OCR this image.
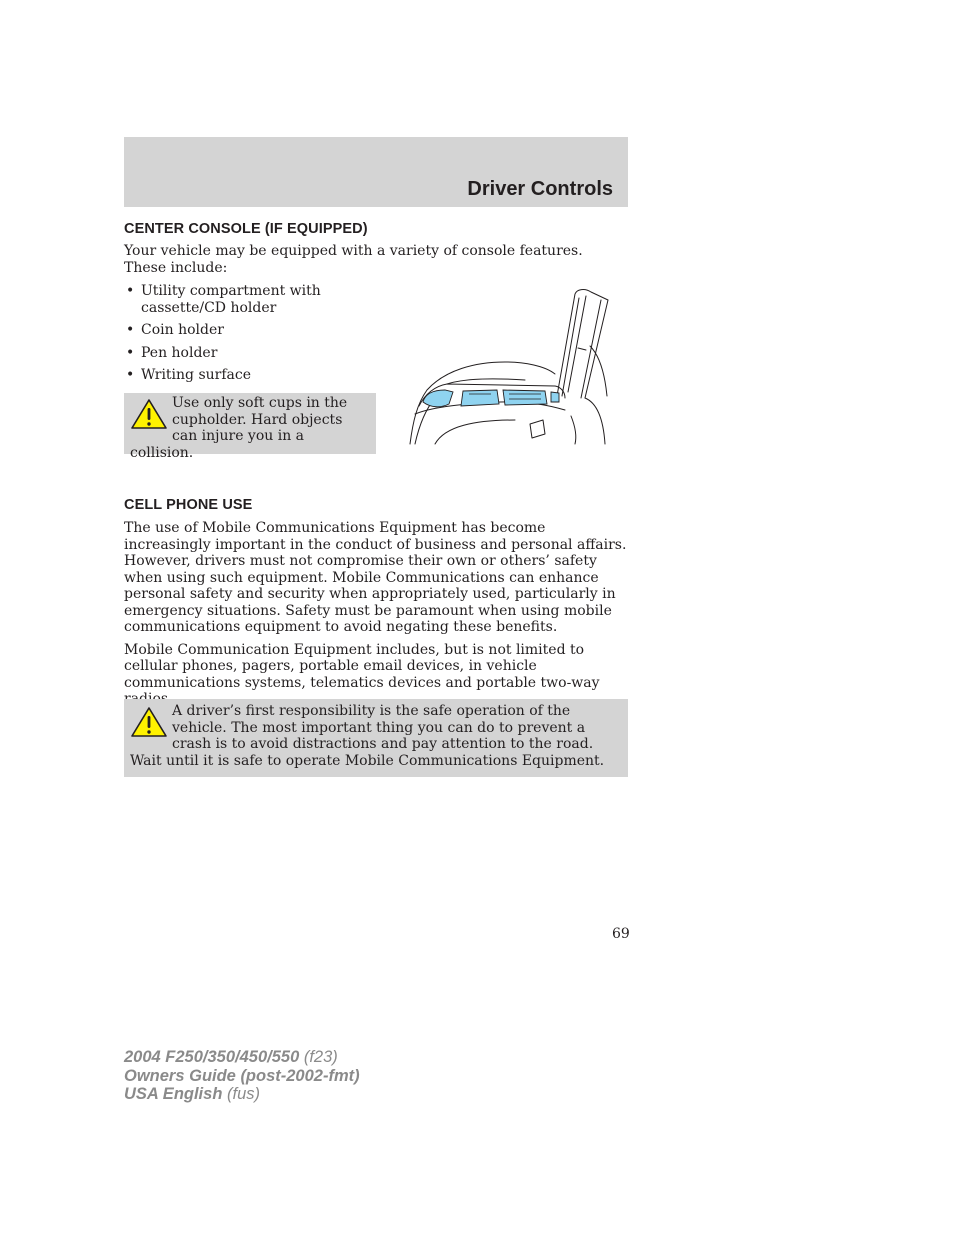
Driver Controls
CENTER CONSOLE (IF EQUIPPED)

Your vehicle may be equipped with a variety of console features. These include:

• Utility compartment with cassette/CD holder
• Coin holder
• Pen holder
• Writing surface
Use only soft cups in the cupholder. Hard objects can injure you in a collision.
CELL PHONE USE

The use of Mobile Communications Equipment has become increasingly important in the conduct of business and personal affairs. However, drivers must not compromise their own or others’ safety when using such equipment. Mobile Communications can enhance personal safety and security when appropriately used, particularly in emergency situations. Safety must be paramount when using mobile communications equipment to avoid negating these benefits.

Mobile Communication Equipment includes, but is not limited to cellular phones, pagers, portable email devices, in vehicle communications systems, telematics devices and portable two-way

A driver’s first responsibility is the safe operation of the vehicle. The most important thing you can do to prevent a crash is to avoid distractions and pay attention to the road. Wait until it is safe to operate Mobile Communications Equipment.
69
2004 F250/350/450/550 (f23)
Owners Guide (post-2002-fmt)
USA English (fus)
